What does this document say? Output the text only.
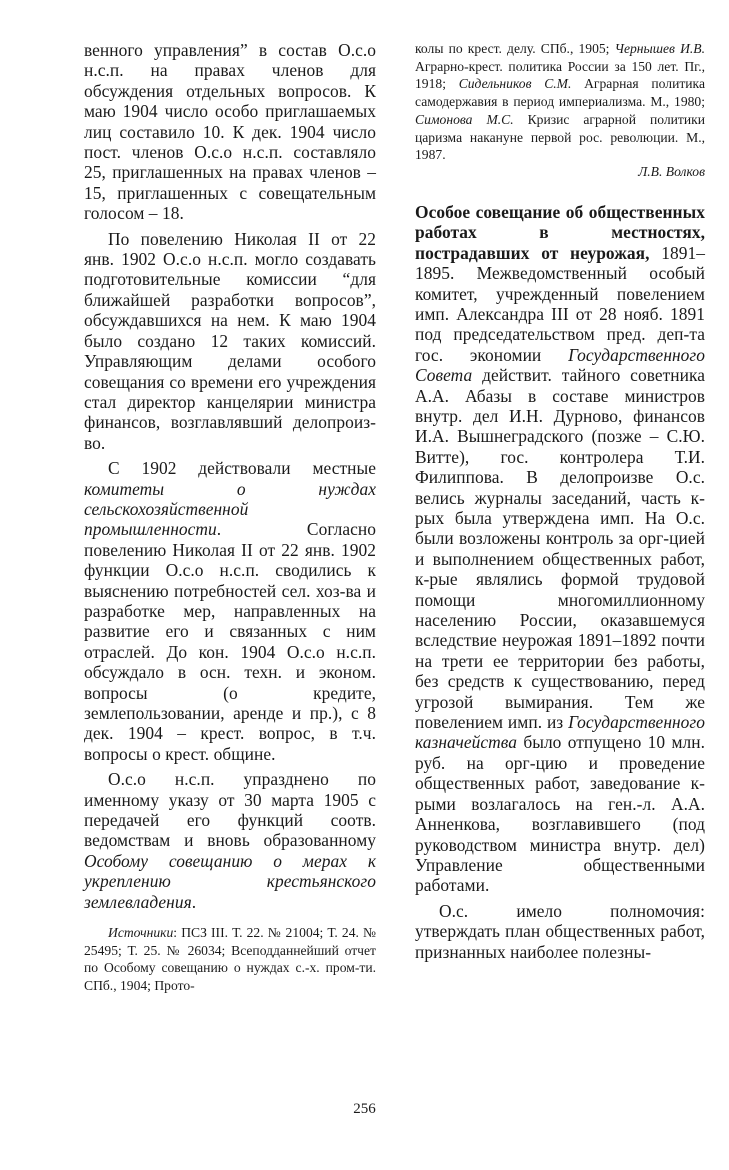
венного управления” в состав О.с.о н.с.п. на правах членов для обсуждения отдельных вопросов. К маю 1904 число особо приглашаемых лиц составило 10. К дек. 1904 число пост. членов О.с.о н.с.п. составляло 25, приглашенных на правах членов – 15, приглашенных с совещательным голосом – 18.

По повелению Николая II от 22 янв. 1902 О.с.о н.с.п. могло создавать подготовительные комиссии “для ближайшей разработки вопросов”, обсуждавшихся на нем. К маю 1904 было создано 12 таких комиссий. Управляющим делами особого совещания со времени его учреждения стал директор канцелярии министра финансов, возглавлявший делопроиз-во.

С 1902 действовали местные комитеты о нуждах сельскохозяйственной промышленности. Согласно повелению Николая II от 22 янв. 1902 функции О.с.о н.с.п. сводились к выяснению потребностей сел. хоз-ва и разработке мер, направленных на развитие его и связанных с ним отраслей. До кон. 1904 О.с.о н.с.п. обсуждало в осн. техн. и эконом. вопросы (о кредите, землепользовании, аренде и пр.), с 8 дек. 1904 – крест. вопрос, в т.ч. вопросы о крест. общине.

О.с.о н.с.п. упразднено по именному указу от 30 марта 1905 с передачей его функций соотв. ведомствам и вновь образованному Особому совещанию о мерах к укреплению крестьянского землевладения.

Источники: ПСЗ III. Т. 22. № 21004; Т. 24. № 25495; Т. 25. № 26034; Всеподданнейший отчет по Особому совещанию о нуждах с.-х. пром-ти. СПб., 1904; Прото-

колы по крест. делу. СПб., 1905; Чернышев И.В. Аграрно-крест. политика России за 150 лет. Пг., 1918; Сидельников С.М. Аграрная политика самодержавия в период империализма. М., 1980; Симонова М.С. Кризис аграрной политики царизма накануне первой рос. революции. М., 1987.

Л.В. Волков

Особое совещание об общественных работах в местностях, пострадавших от неурожая, 1891–1895. Межведомственный особый комитет, учрежденный повелением имп. Александра III от 28 нояб. 1891 под председательством пред. деп-та гос. экономии Государственного Совета действит. тайного советника А.А. Абазы в составе министров внутр. дел И.Н. Дурново, финансов И.А. Вышнеградского (позже – С.Ю. Витте), гос. контролера Т.И. Филиппова. В делопроизве О.с. велись журналы заседаний, часть к-рых была утверждена имп. На О.с. были возложены контроль за орг-цией и выполнением общественных работ, к-рые являлись формой трудовой помощи многомиллионному населению России, оказавшемуся вследствие неурожая 1891–1892 почти на трети ее территории без работы, без средств к существованию, перед угрозой вымирания. Тем же повелением имп. из Государственного казначейства было отпущено 10 млн. руб. на орг-цию и проведение общественных работ, заведование к-рыми возлагалось на ген.-л. А.А. Анненкова, возглавившего (под руководством министра внутр. дел) Управление общественными работами.

О.с. имело полномочия: утверждать план общественных работ, признанных наиболее полезны-

256
